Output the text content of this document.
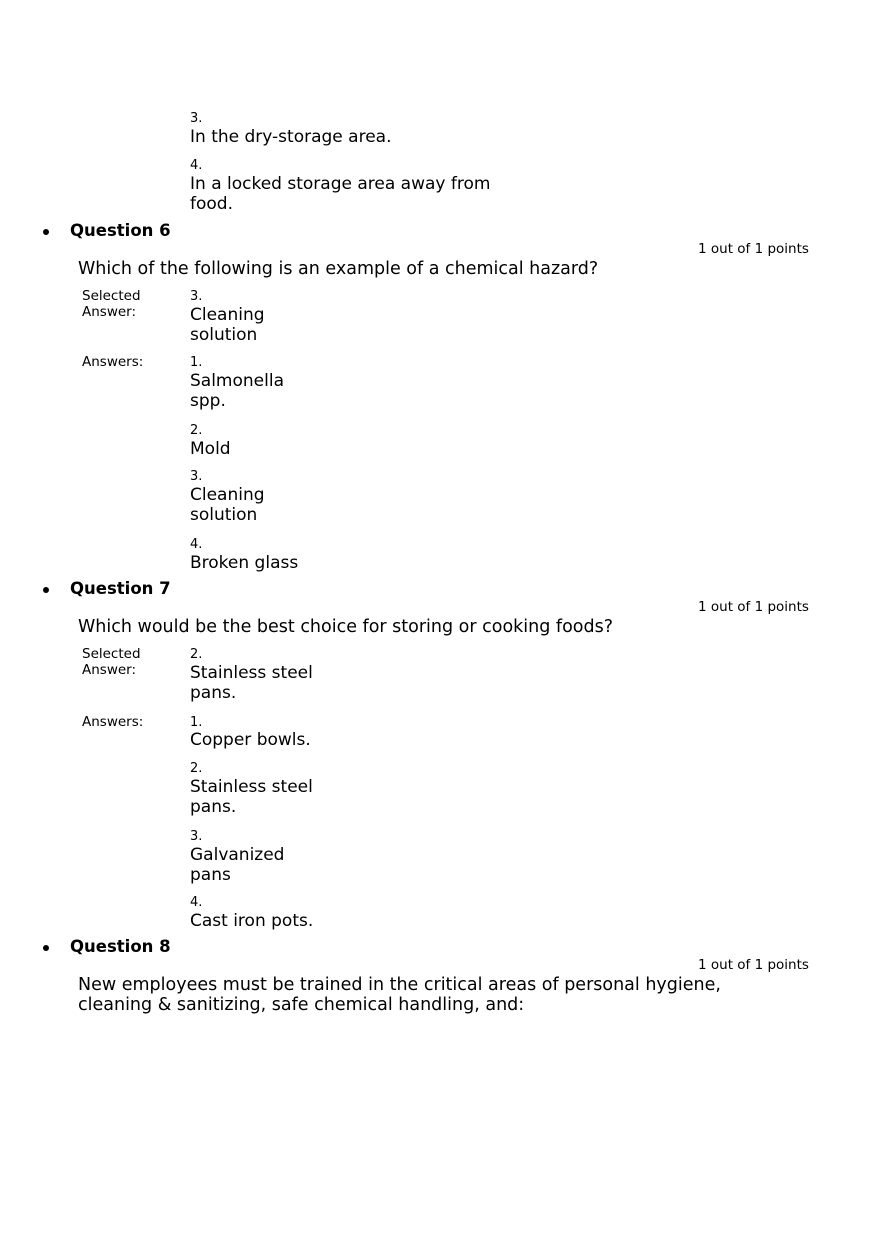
3.
In the dry-storage area.
4.
In a locked storage area away from
food.
Question 6
1 out of 1 points
Which of the following is an example of a chemical hazard?
Selected
Answer:
3.
Cleaning
solution
Answers:	1.
Salmonella
spp.
2.
Mold
3.
Cleaning
solution
4.
Broken glass
Question 7
1 out of 1 points
Which would be the best choice for storing or cooking foods?
Selected
Answer:
2.
Stainless steel
pans.
Answers:	1.
Copper bowls.
2.
Stainless steel
pans.
3.
Galvanized
pans
4.
Cast iron pots.
Question 8
1 out of 1 points
New employees must be trained in the critical areas of personal hygiene,
cleaning & sanitizing, safe chemical handling, and:
